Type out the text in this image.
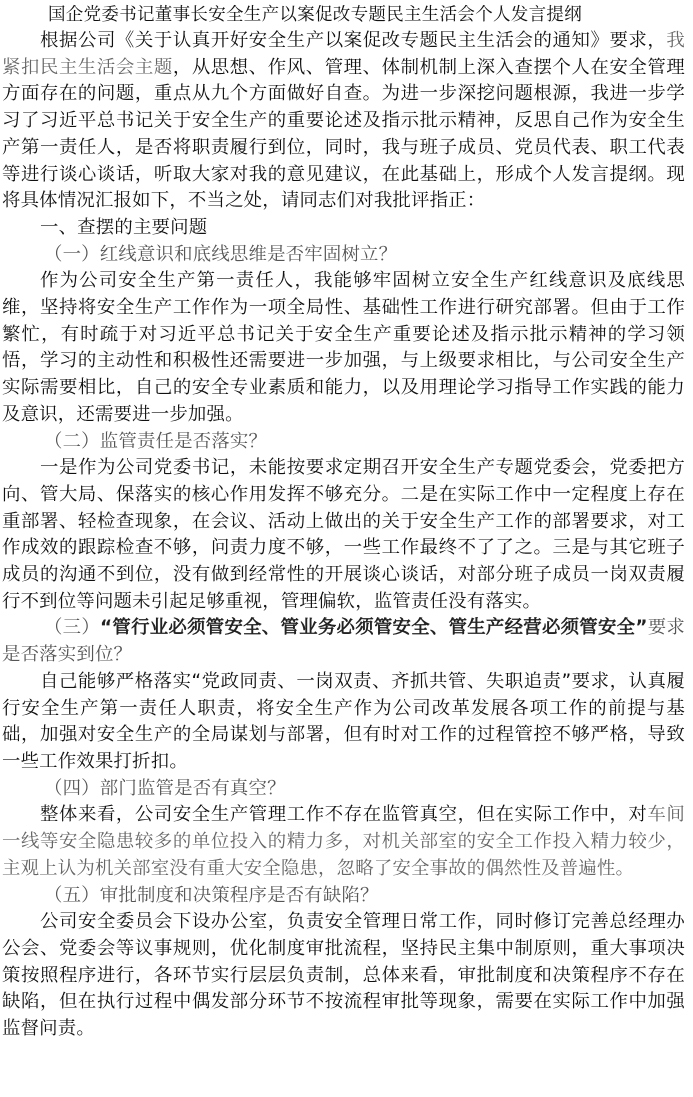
国企党委书记董事长安全生产以案促改专题民主生活会个人发言提纲

根据公司《关于认真开好安全生产以案促改专题民主生活会的通知》要求，我紧扣民主生活会主题，从思想、作风、管理、体制机制上深入查摆个人在安全管理方面存在的问题，重点从九个方面做好自查。为进一步深挖问题根源，我进一步学习了习近平总书记关于安全生产的重要论述及指示批示精神，反思自己作为安全生产第一责任人，是否将职责履行到位，同时，我与班子成员、党员代表、职工代表等进行谈心谈话，听取大家对我的意见建议，在此基础上，形成个人发言提纲。现将具体情况汇报如下，不当之处，请同志们对我批评指正：

一、查摆的主要问题

（一）红线意识和底线思维是否牢固树立？

作为公司安全生产第一责任人，我能够牢固树立安全生产红线意识及底线思维，坚持将安全生产工作作为一项全局性、基础性工作进行研究部署。但由于工作繁忙，有时疏于对习近平总书记关于安全生产重要论述及指示批示精神的学习领悟，学习的主动性和积极性还需要进一步加强，与上级要求相比，与公司安全生产实际需要相比，自己的安全专业素质和能力，以及用理论学习指导工作实践的能力及意识，还需要进一步加强。

（二）监管责任是否落实？

一是作为公司党委书记，未能按要求定期召开安全生产专题党委会，党委把方向、管大局、保落实的核心作用发挥不够充分。二是在实际工作中一定程度上存在重部署、轻检查现象，在会议、活动上做出的关于安全生产工作的部署要求，对工作成效的跟踪检查不够，问责力度不够，一些工作最终不了了之。三是与其它班子成员的沟通不到位，没有做到经常性的开展谈心谈话，对部分班子成员一岗双责履行不到位等问题未引起足够重视，管理偏软，监管责任没有落实。

（三）“管行业必须管安全、管业务必须管安全、管生产经营必须管安全”要求是否落实到位？

自己能够严格落实“党政同责、一岗双责、齐抓共管、失职追责”要求，认真履行安全生产第一责任人职责，将安全生产作为公司改革发展各项工作的前提与基础，加强对安全生产的全局谋划与部署，但有时对工作的过程管控不够严格，导致一些工作效果打折扣。

（四）部门监管是否有真空？

整体来看，公司安全生产管理工作不存在监管真空，但在实际工作中，对车间一线等安全隐患较多的单位投入的精力多，对机关部室的安全工作投入精力较少，主观上认为机关部室没有重大安全隐患，忽略了安全事故的偶然性及普遍性。

（五）审批制度和决策程序是否有缺陷？

公司安全委员会下设办公室，负责安全管理日常工作，同时修订完善总经理办公会、党委会等议事规则，优化制度审批流程，坚持民主集中制原则，重大事项决策按照程序进行，各环节实行层层负责制，总体来看，审批制度和决策程序不存在缺陷，但在执行过程中偶发部分环节不按流程审批等现象，需要在实际工作中加强监督问责。
